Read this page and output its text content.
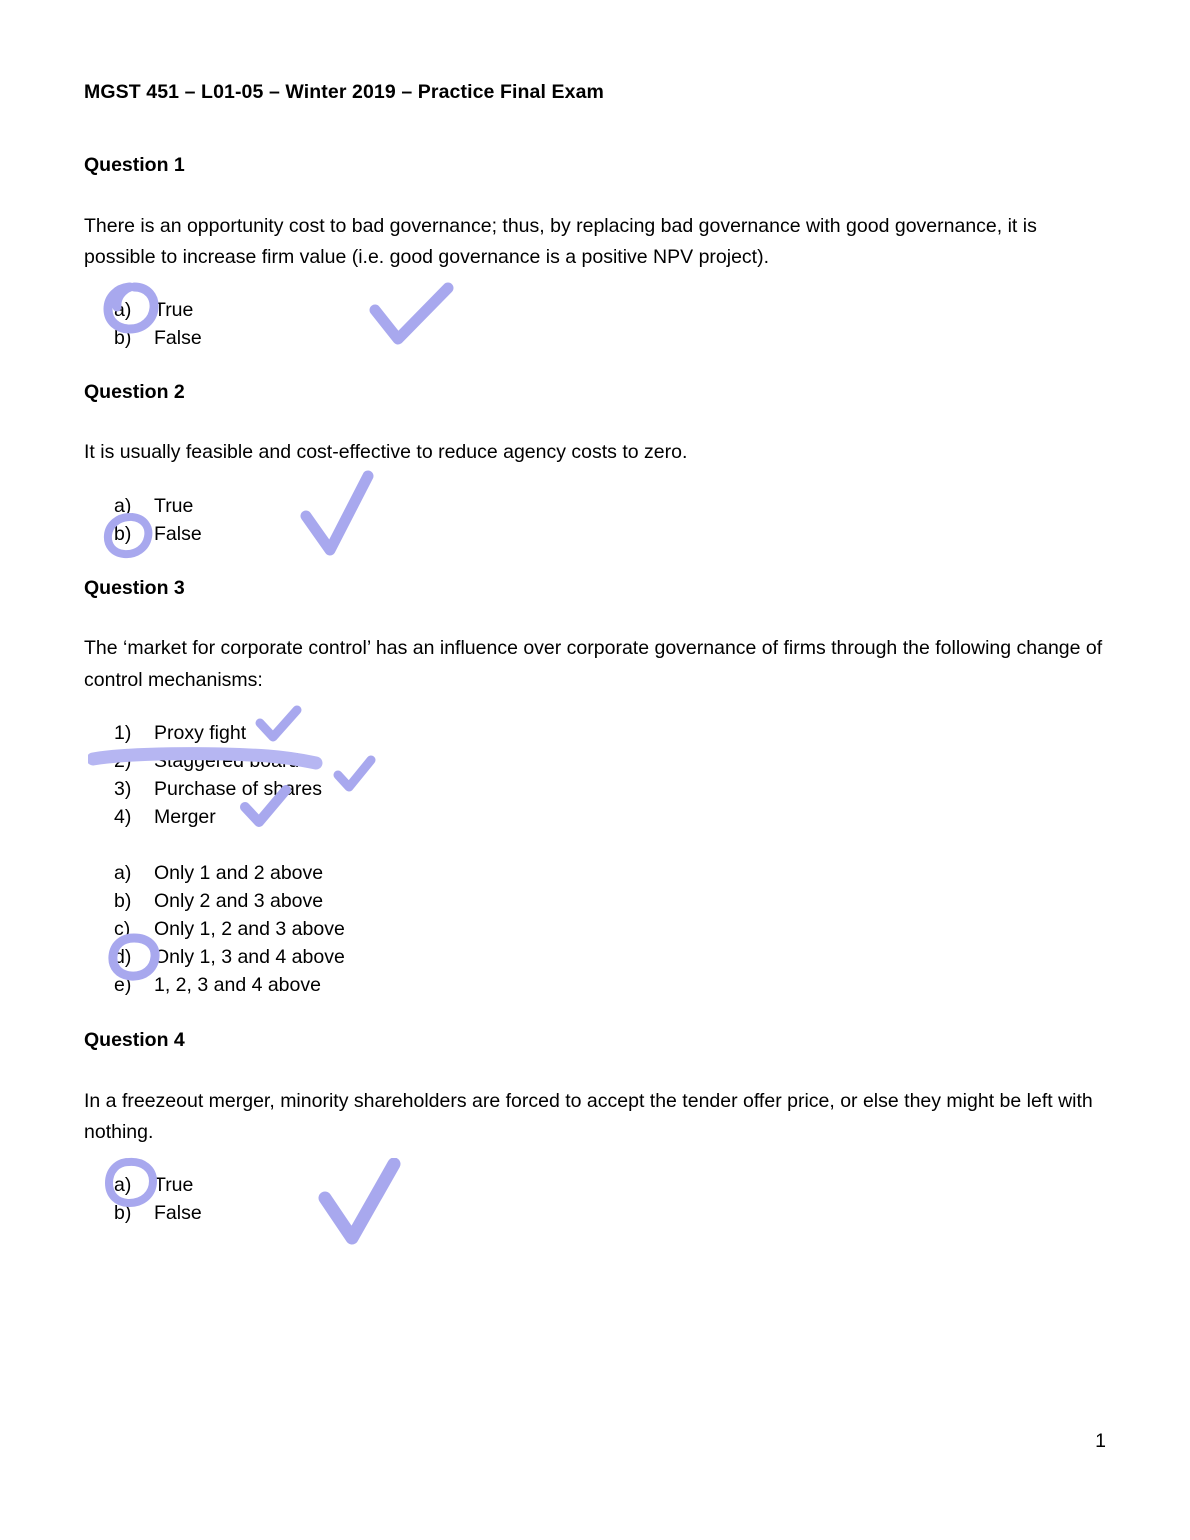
MGST 451 – L01-05 – Winter 2019 – Practice Final Exam
Question 1
There is an opportunity cost to bad governance; thus, by replacing bad governance with good governance, it is possible to increase firm value (i.e. good governance is a positive NPV project).
a)	True
b)	False
Question 2
It is usually feasible and cost-effective to reduce agency costs to zero.
a)	True
b)	False
Question 3
The ‘market for corporate control’ has an influence over corporate governance of firms through the following change of control mechanisms:
1)	Proxy fight
2)	Staggered board
3)	Purchase of shares
4)	Merger
a)	Only 1 and 2 above
b)	Only 2 and 3 above
c)	Only 1, 2 and 3 above
d)	Only 1, 3 and 4 above
e)	1, 2, 3 and 4 above
Question 4
In a freezeout merger, minority shareholders are forced to accept the tender offer price, or else they might be left with nothing.
a)	True
b)	False
1
